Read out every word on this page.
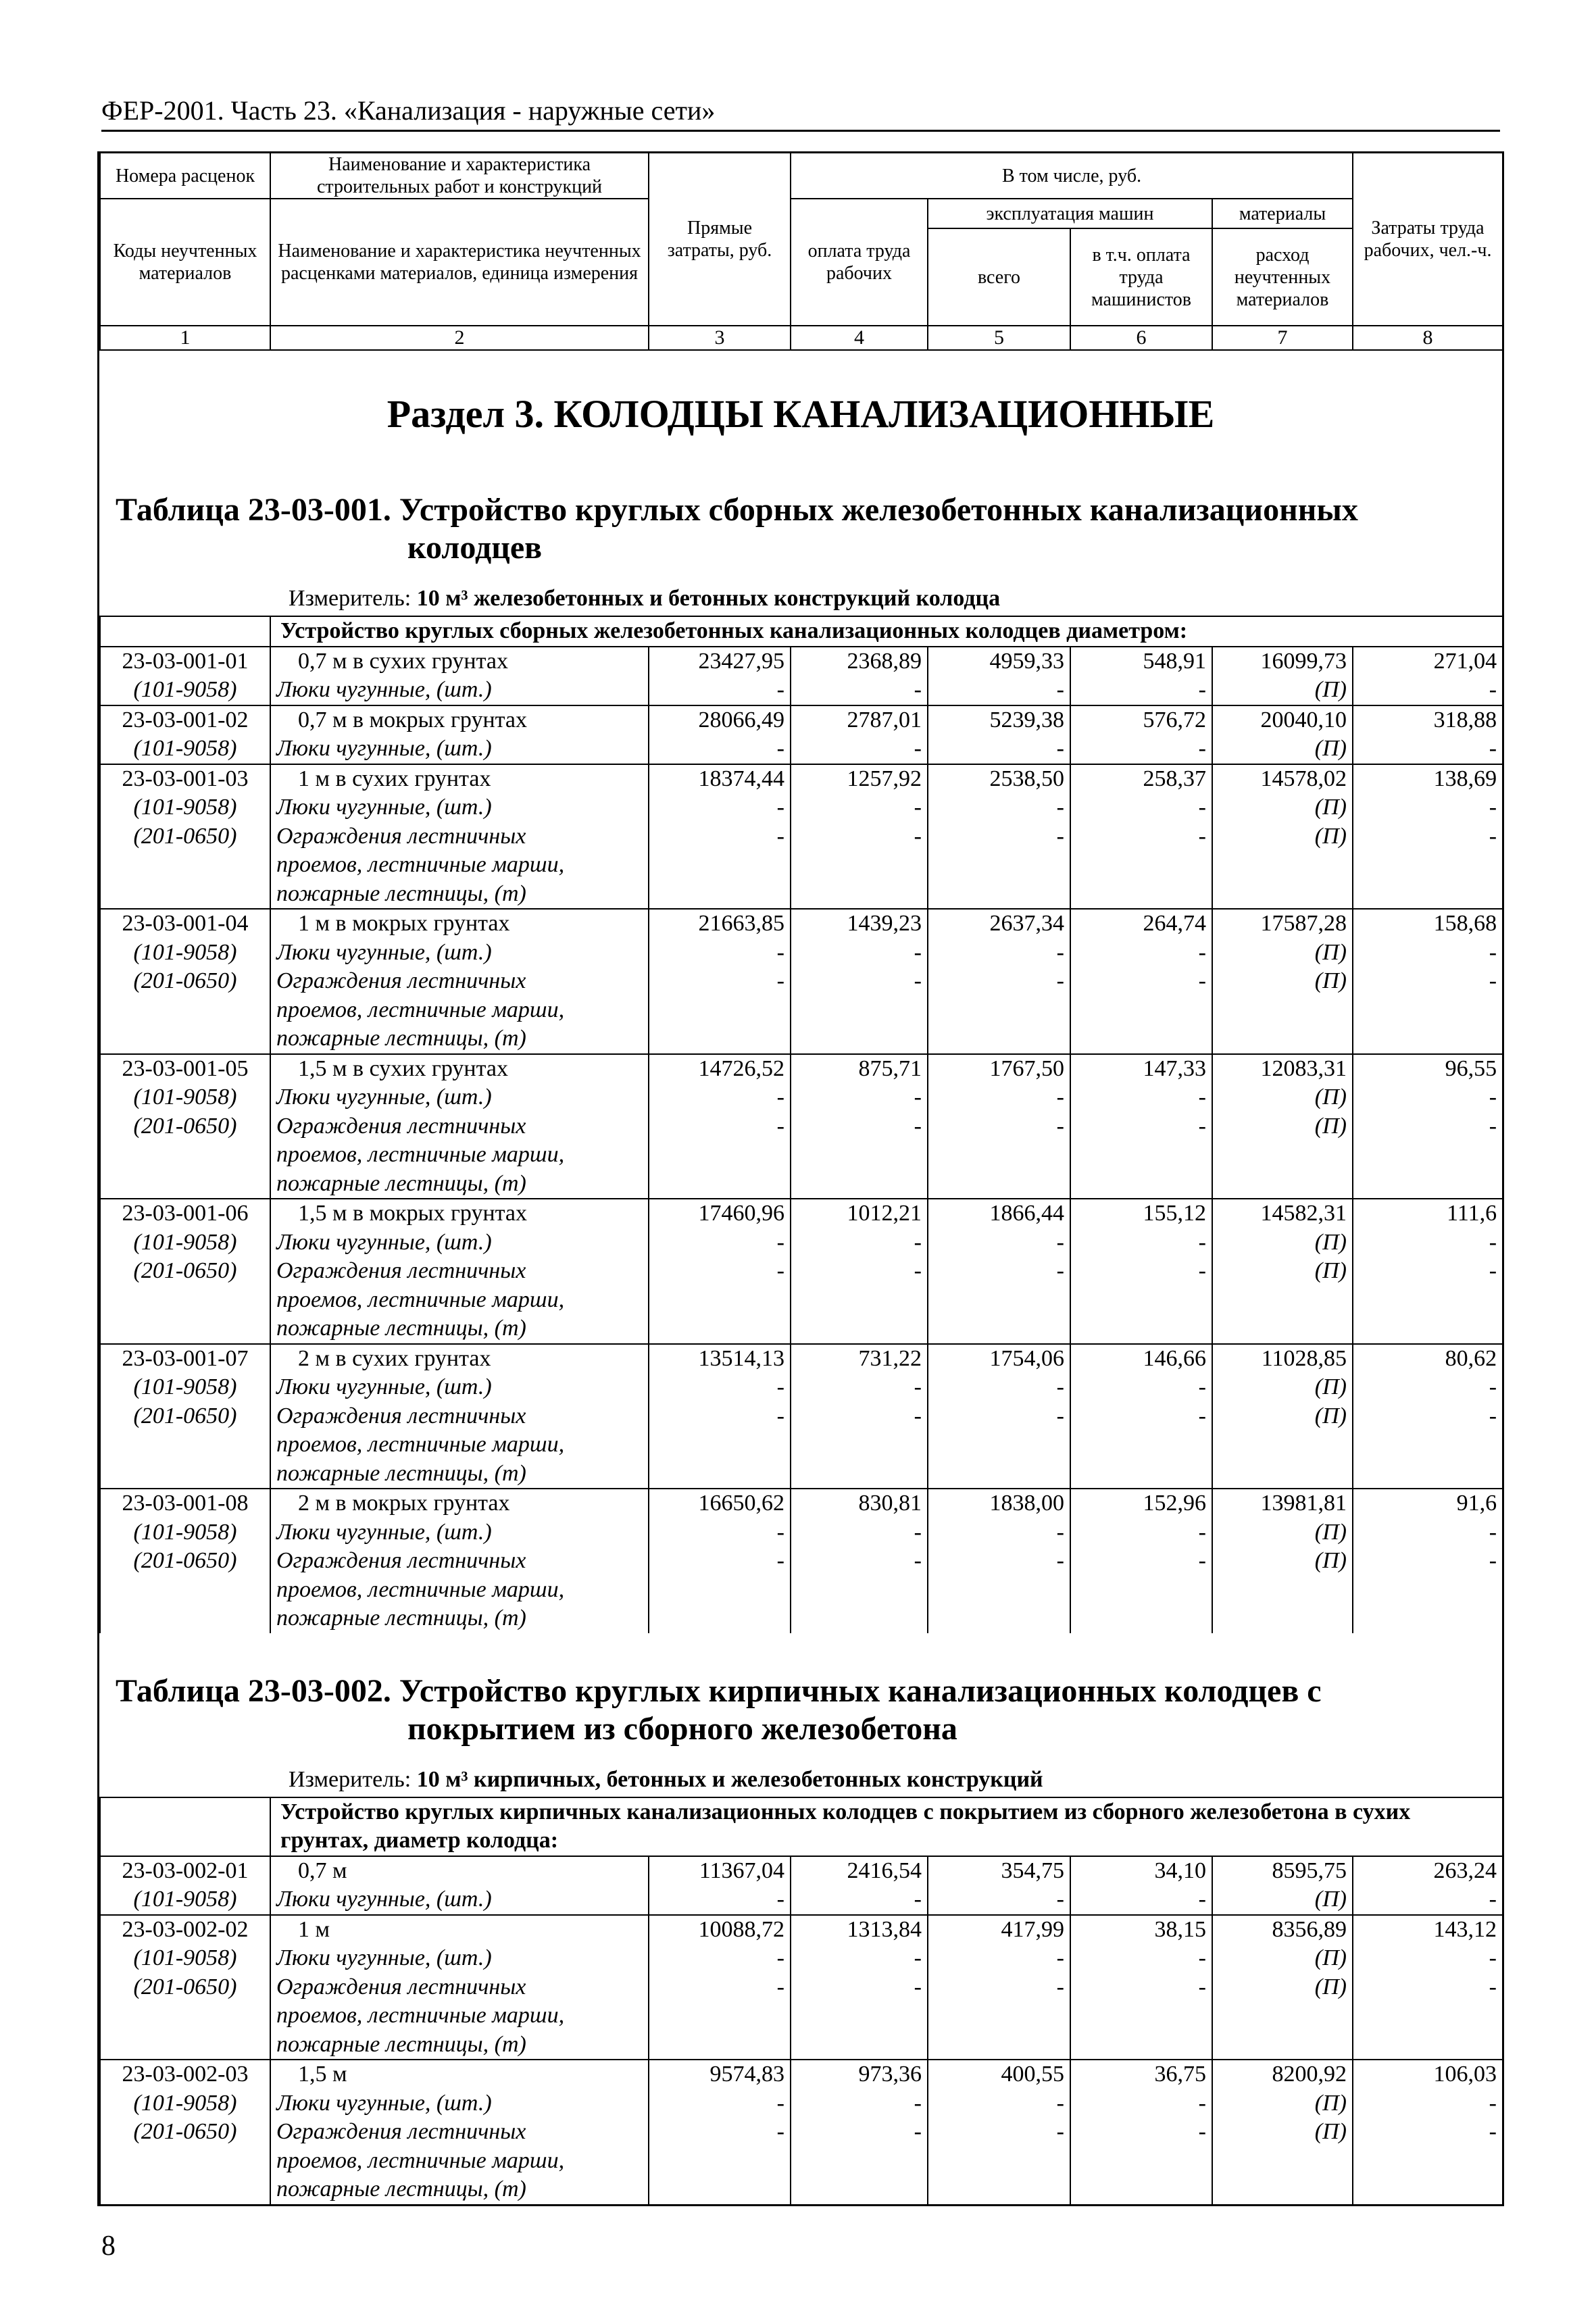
ФЕР-2001. Часть 23. «Канализация - наружные сети»
Номера расценок	Наименование и характеристика строительных работ и конструкций	Прямые затраты, руб.	В том числе, руб.				Затраты труда рабочих, чел.-ч.
Коды неучтенных материалов	Наименование и характеристика неучтенных расценками материалов, единица измерения		оплата труда рабочих	эксплуатация машин		материалы	
				всего	в т.ч. оплата труда машинистов	расход неучтенных материалов	
1	2	3	4	5	6	7	8
Раздел 3. КОЛОДЦЫ КАНАЛИЗАЦИОННЫЕ
Таблица 23-03-001. Устройство круглых сборных железобетонных канализационных
колодцев
Измеритель: 10 м³ железобетонных и бетонных конструкций колодца
	Устройство круглых сборных железобетонных канализационных колодцев диаметром:						
23-03-001-01	0,7 м в сухих грунтах	23427,95	2368,89	4959,33	548,91	16099,73	271,04
(101-9058)	Люки чугунные, (шт.)	-	-	-	-	(П)	-
23-03-001-02	0,7 м в мокрых грунтах	28066,49	2787,01	5239,38	576,72	20040,10	318,88
(101-9058)	Люки чугунные, (шт.)	-	-	-	-	(П)	-
23-03-001-03	1 м в сухих грунтах	18374,44	1257,92	2538,50	258,37	14578,02	138,69
(101-9058)	Люки чугунные, (шт.)	-	-	-	-	(П)	-
(201-0650)	Ограждения лестничных	-	-	-	-	(П)	-
	проемов, лестничные марши,						
	пожарные лестницы, (т)						
23-03-001-04	1 м в мокрых грунтах	21663,85	1439,23	2637,34	264,74	17587,28	158,68
(101-9058)	Люки чугунные, (шт.)	-	-	-	-	(П)	-
(201-0650)	Ограждения лестничных	-	-	-	-	(П)	-
	проемов, лестничные марши,						
	пожарные лестницы, (т)						
23-03-001-05	1,5 м в сухих грунтах	14726,52	875,71	1767,50	147,33	12083,31	96,55
(101-9058)	Люки чугунные, (шт.)	-	-	-	-	(П)	-
(201-0650)	Ограждения лестничных	-	-	-	-	(П)	-
	проемов, лестничные марши,						
	пожарные лестницы, (т)						
23-03-001-06	1,5 м в мокрых грунтах	17460,96	1012,21	1866,44	155,12	14582,31	111,6
(101-9058)	Люки чугунные, (шт.)	-	-	-	-	(П)	-
(201-0650)	Ограждения лестничных	-	-	-	-	(П)	-
	проемов, лестничные марши,						
	пожарные лестницы, (т)						
23-03-001-07	2 м в сухих грунтах	13514,13	731,22	1754,06	146,66	11028,85	80,62
(101-9058)	Люки чугунные, (шт.)	-	-	-	-	(П)	-
(201-0650)	Ограждения лестничных	-	-	-	-	(П)	-
	проемов, лестничные марши,						
	пожарные лестницы, (т)						
23-03-001-08	2 м в мокрых грунтах	16650,62	830,81	1838,00	152,96	13981,81	91,6
(101-9058)	Люки чугунные, (шт.)	-	-	-	-	(П)	-
(201-0650)	Ограждения лестничных	-	-	-	-	(П)	-
	проемов, лестничные марши,						
	пожарные лестницы, (т)						
Таблица 23-03-002. Устройство круглых кирпичных канализационных колодцев с
покрытием из сборного железобетона
Измеритель: 10 м³ кирпичных, бетонных и железобетонных конструкций
	Устройство круглых кирпичных канализационных колодцев с покрытием из сборного железобетона в сухих грунтах, диаметр колодца:						
23-03-002-01	0,7 м	11367,04	2416,54	354,75	34,10	8595,75	263,24
(101-9058)	Люки чугунные, (шт.)	-	-	-	-	(П)	-
23-03-002-02	1 м	10088,72	1313,84	417,99	38,15	8356,89	143,12
(101-9058)	Люки чугунные, (шт.)	-	-	-	-	(П)	-
(201-0650)	Ограждения лестничных	-	-	-	-	(П)	-
	проемов, лестничные марши,						
	пожарные лестницы, (т)						
23-03-002-03	1,5 м	9574,83	973,36	400,55	36,75	8200,92	106,03
(101-9058)	Люки чугунные, (шт.)	-	-	-	-	(П)	-
(201-0650)	Ограждения лестничных	-	-	-	-	(П)	-
	проемов, лестничные марши,						
	пожарные лестницы, (т)						
8
